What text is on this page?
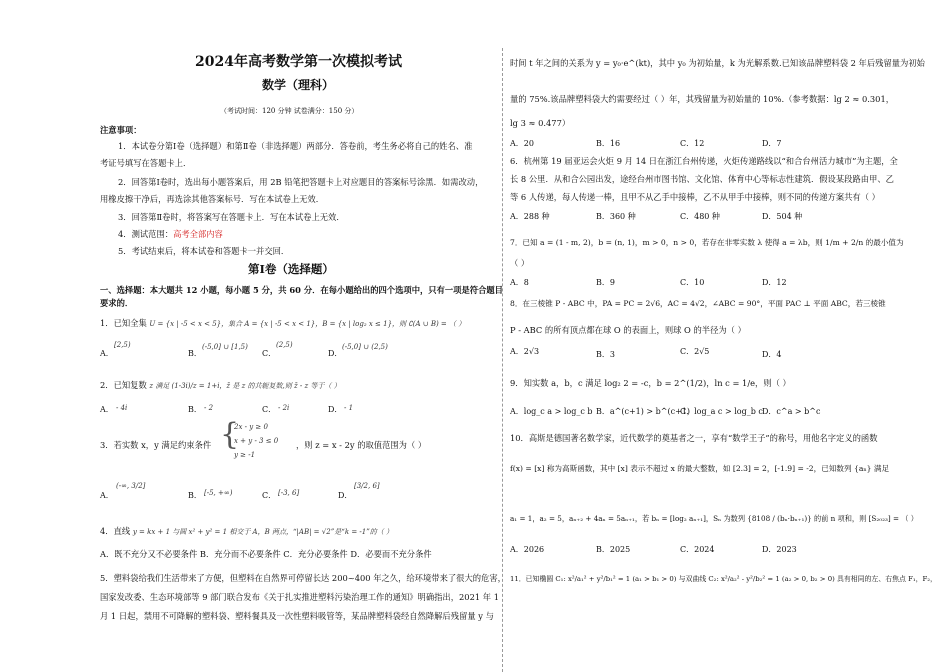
2024年高考数学第一次模拟考试
数学（理科）
（考试时间：120 分钟 试卷满分：150 分）
注意事项：
1．本试卷分第Ⅰ卷（选择题）和第Ⅱ卷（非选择题）两部分．答卷前，考生务必将自己的姓名、准
考证号填写在答题卡上．
2．回答第Ⅰ卷时，选出每小题答案后，用 2B 铅笔把答题卡上对应题目的答案标号涂黑．如需改动，
用橡皮擦干净后，再选涂其他答案标号．写在本试卷上无效．
3．回答第Ⅱ卷时，将答案写在答题卡上．写在本试卷上无效．
4．测试范围：高考全部内容
5．考试结束后，将本试卷和答题卡一并交回．
第Ⅰ卷（选择题）
一、选择题：本大题共 12 小题，每小题 5 分，共 60 分．在每小题给出的四个选项中，只有一项是符合题目
要求的．
1．已知全集 U = {x | -5 < x < 5}，集合 A = {x | -5 < x < 1}，B = {x | log₂ x ≤ 1}，则 ∁(A ∪ B) = （ ）
A．
[2,5)
B．
(-5,0] ∪ [1,5)
C．
(2,5)
D．
(-5,0] ∪ (2,5)
2．已知复数 z 满足 (1-3i)/z = 1+i，z̄ 是 z 的共轭复数,则 z̄ - z 等于（ ）
A． - 4i	B． - 2	C． - 2i	D． - 1
3．若实数 x，y 满足约束条件 {
2x - y ≥ 0
x + y - 3 ≤ 0
y ≥ -1
，则 z = x - 2y 的取值范围为（ ）
A．
(-∞, 3/2]
B． [-5, +∞)	C． [-3, 6]	D．
[3/2, 6]
4．直线 y = kx + 1 与圆 x² + y² = 1 相交于 A，B 两点，“|AB| = √2”是“k = -1”的（ ）
A．既不充分又不必要条件 B．充分而不必要条件 C．充分必要条件 D．必要而不充分条件
5．塑料袋给我们生活带来了方便，但塑料在自然界可停留长达 200~400 年之久，给环境带来了很大的危害，
国家发改委、生态环境部等 9 部门联合发布《关于扎实推进塑料污染治理工作的通知》明确指出，2021 年 1
月 1 日起，禁用不可降解的塑料袋、塑料餐具及一次性塑料吸管等，某品牌塑料袋经自然降解后残留量 y 与
时间 t 年之间的关系为 y = y₀·e^(kt)，其中 y₀ 为初始量，k 为光解系数.已知该品牌塑料袋 2 年后残留量为初始
量的 75%.该品牌塑料袋大约需要经过（ ）年，其残留量为初始量的 10%.（参考数据：lg 2 ≈ 0.301，
lg 3 ≈ 0.477）
A．20	B．16	C．12	D．7
6．杭州第 19 届亚运会火炬 9 月 14 日在浙江台州传递，火炬传递路线以“和合台州活力城市”为主题，全
长 8 公里．从和合公园出发，途经台州市图书馆、文化馆、体育中心等标志性建筑．假设某段路由甲、乙
等 6 人传递，每人传递一棒，且甲不从乙手中接棒，乙不从甲手中接棒，则不同的传递方案共有（ ）
A．288 种	B．360 种	C．480 种	D．504 种
7．已知 a = (1 - m, 2)，b = (n, 1)，m > 0，n > 0，若存在非零实数 λ 使得 a = λb，则 1/m + 2/n 的最小值为
（ ）
A．8	B．9	C．10	D．12
8．在三棱锥 P - ABC 中，PA = PC = 2√6，AC = 4√2，∠ABC = 90°，平面 PAC ⊥ 平面 ABC，若三棱锥
P - ABC 的所有顶点都在球 O 的表面上，则球 O 的半径为（ ）
A．2√3	B．3	C．2√5	D．4
9．知实数 a，b，c 满足 log₂ 2 = -c，b = 2^(1/2)，ln c = 1/e，则（ ）
A．log_c a > log_c b B．a^(c+1) > b^(c+1)
C．log_a c > log_b c D．c^a > b^c
10．高斯是德国著名数学家，近代数学的奠基者之一，享有“数学王子”的称号，用他名字定义的函数
f(x) = [x] 称为高斯函数，其中 [x] 表示不超过 x 的最大整数，如 [2.3] = 2，[-1.9] = -2，已知数列 {aₙ} 满足
a₁ = 1，a₂ = 5，aₙ₊₂ + 4aₙ = 5aₙ₊₁，若 bₙ = [log₂ aₙ₊₁]，Sₙ 为数列 {8108 / (bₙ·bₙ₊₁)} 的前 n 项和，则 [S₂₀₂₃] = （ ）
A．2026	B．2025	C．2024	D．2023
11．已知椭圆 C₁: x²/a₁² + y²/b₁² = 1 (a₁ > b₁ > 0) 与双曲线 C₂: x²/a₂² - y²/b₂² = 1 (a₂ > 0, b₂ > 0) 具有相同的左、右焦点 F₁，F₂，
